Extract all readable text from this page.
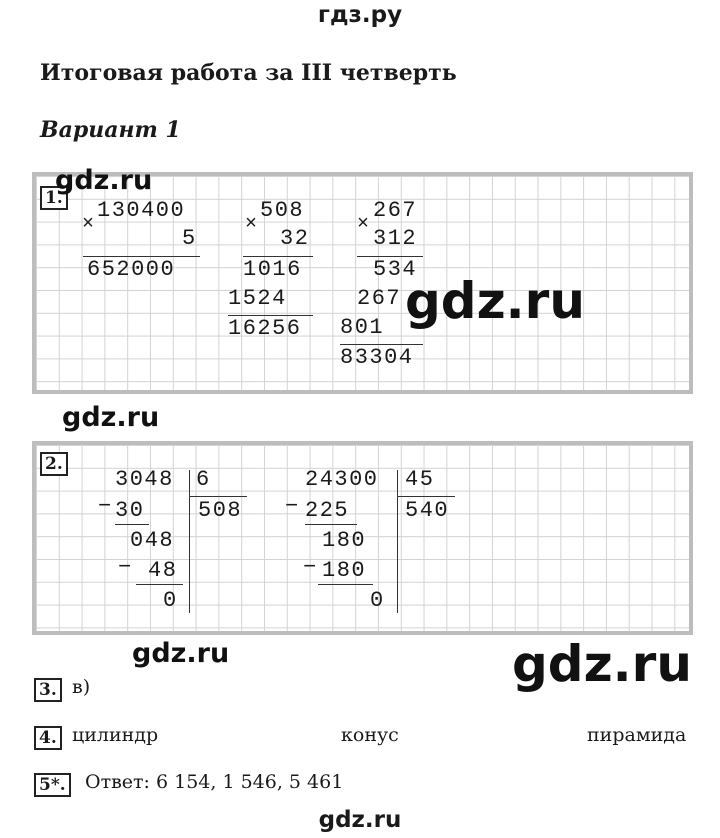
гдз.ру
Итоговая работа за III четверть
Вариант 1
1.
gdz.ru
130400
×
5
652000
508
×
32
1016
1524
16256
267
×
312
534
267
801
83304
gdz.ru
gdz.ru
2.
3048 6
508
− 30
048
− 48
0
24300 45
540
− 225
180
− 180
0
gdz.ru	gdz.ru
3. в)
4. цилиндр	конус	пирамида
5*. Ответ: 6 154, 1 546, 5 461
gdz.ru
